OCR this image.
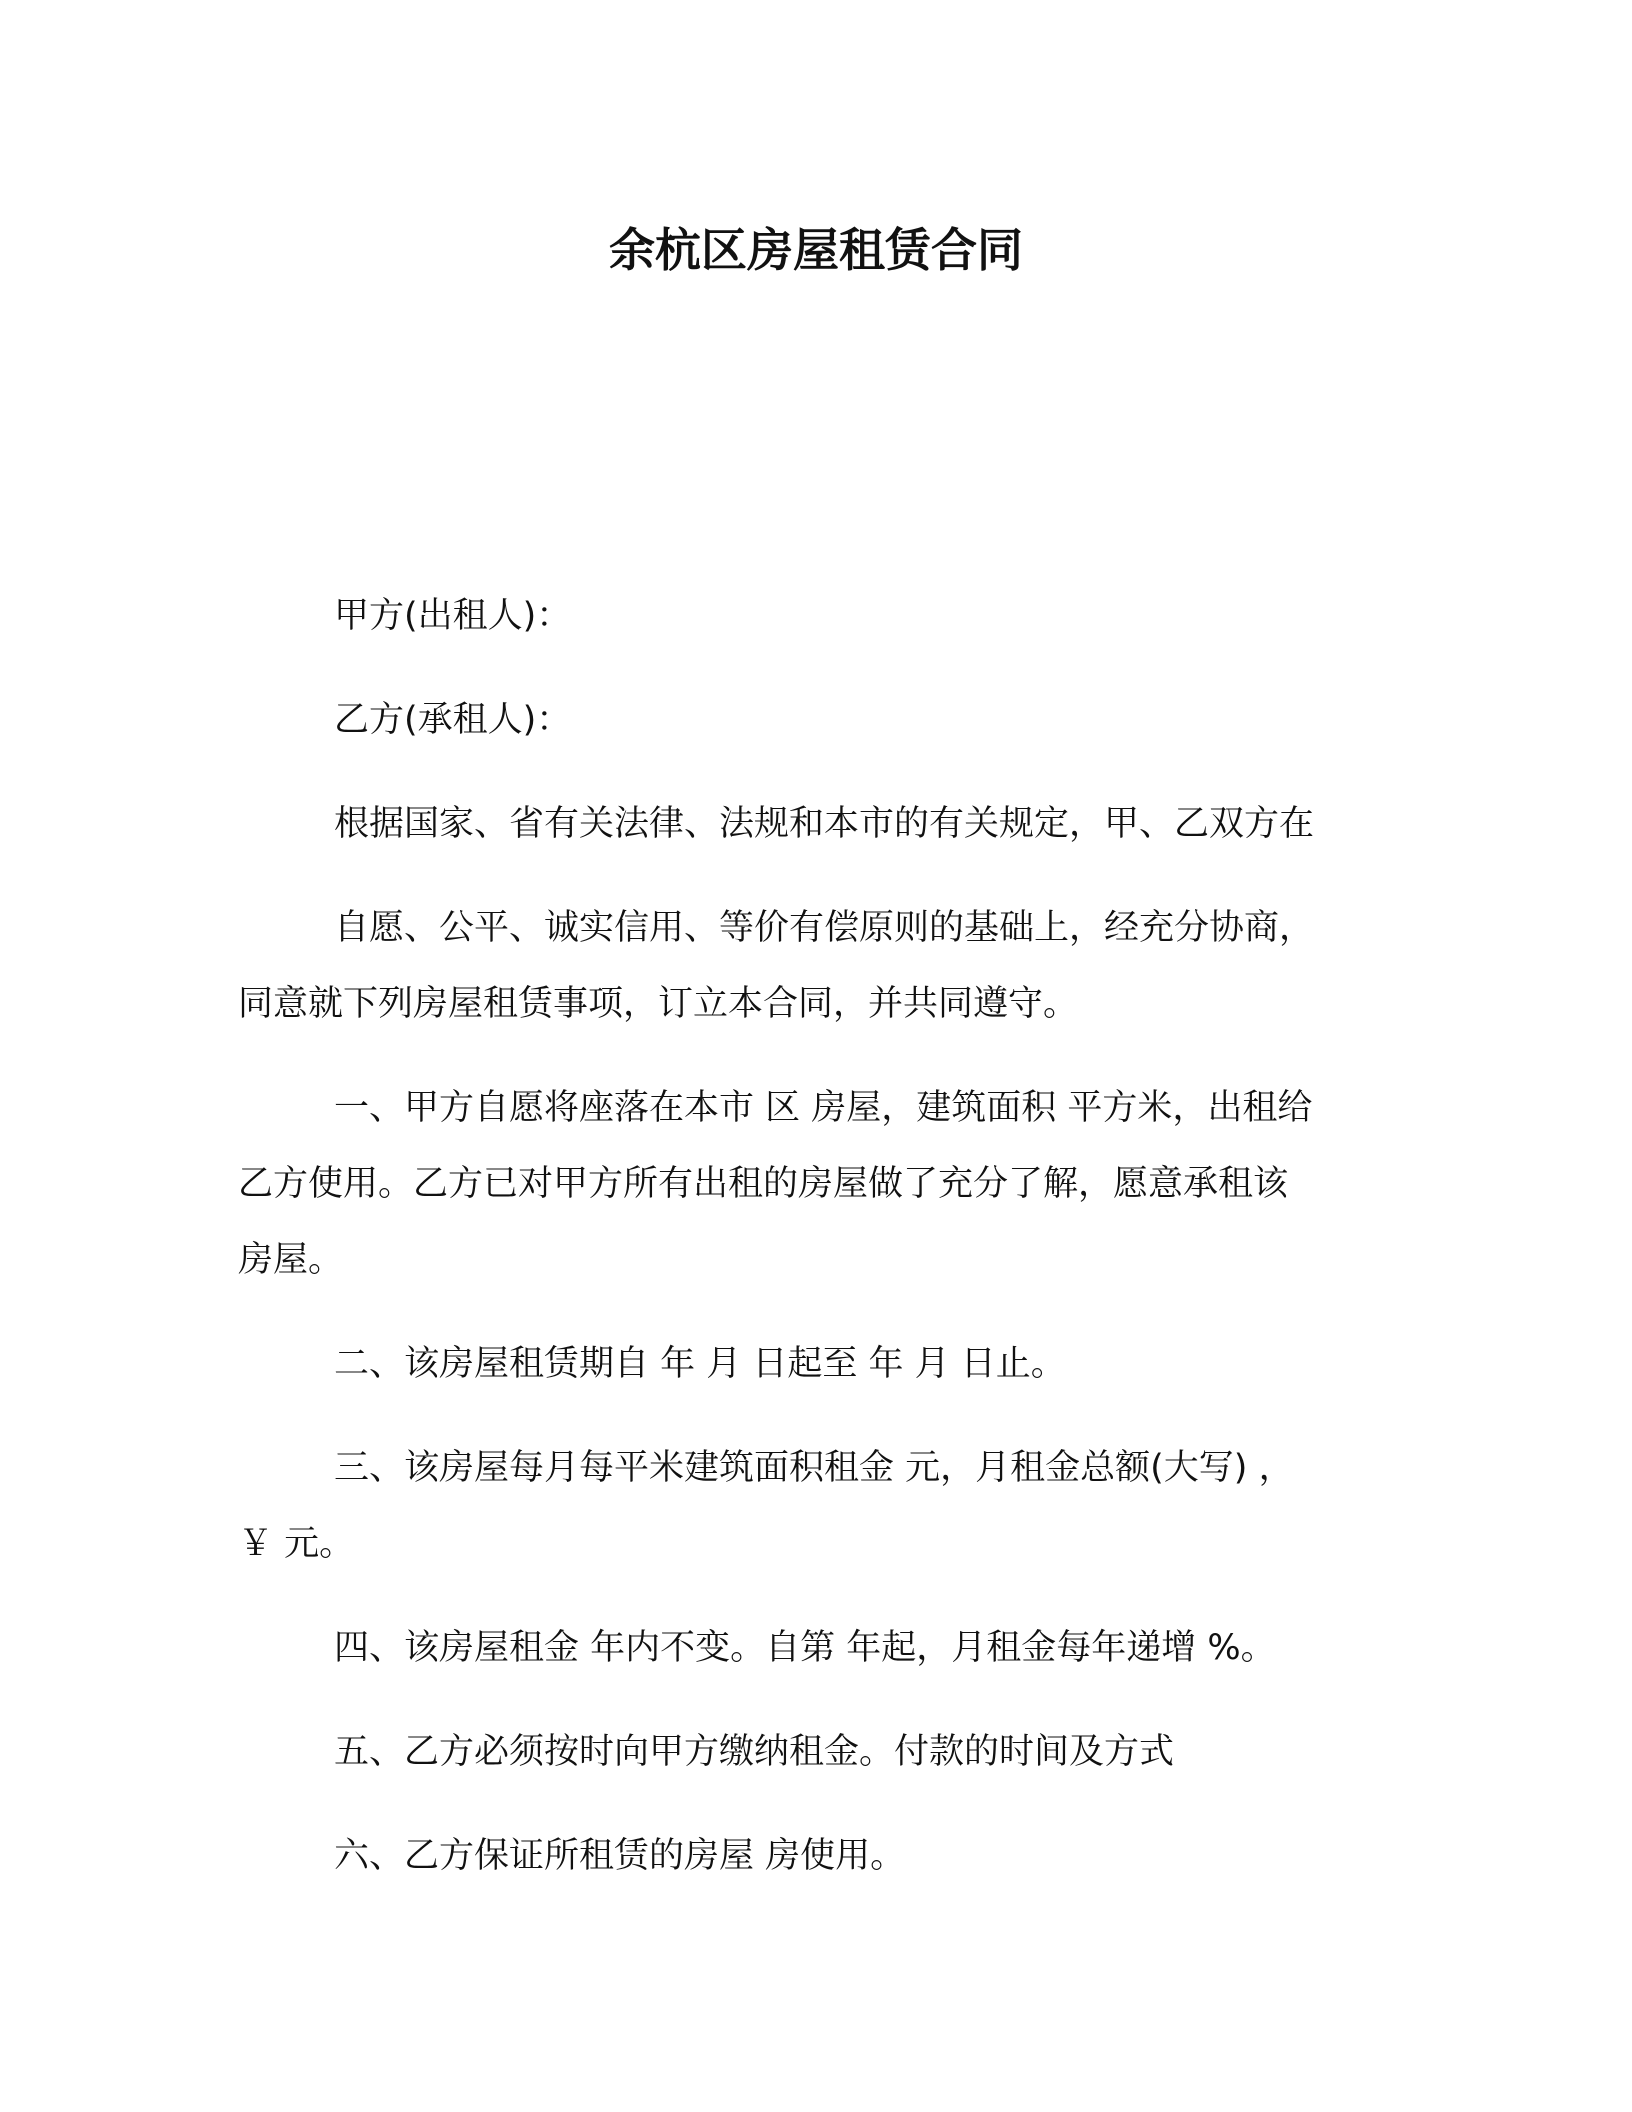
余杭区房屋租赁合同
甲方(出租人)：
乙方(承租人)：
根据国家、省有关法律、法规和本市的有关规定，甲、乙双方在
自愿、公平、诚实信用、等价有偿原则的基础上，经充分协商，
同意就下列房屋租赁事项，订立本合同，并共同遵守。
一、甲方自愿将座落在本市 区 房屋，建筑面积 平方米，出租给
乙方使用。乙方已对甲方所有出租的房屋做了充分了解，愿意承租该
房屋。
二、该房屋租赁期自 年 月 日起至 年 月 日止。
三、该房屋每月每平米建筑面积租金 元，月租金总额(大写) ，
￥ 元。
四、该房屋租金 年内不变。自第 年起，月租金每年递增 %。
五、乙方必须按时向甲方缴纳租金。付款的时间及方式
六、乙方保证所租赁的房屋 房使用。
